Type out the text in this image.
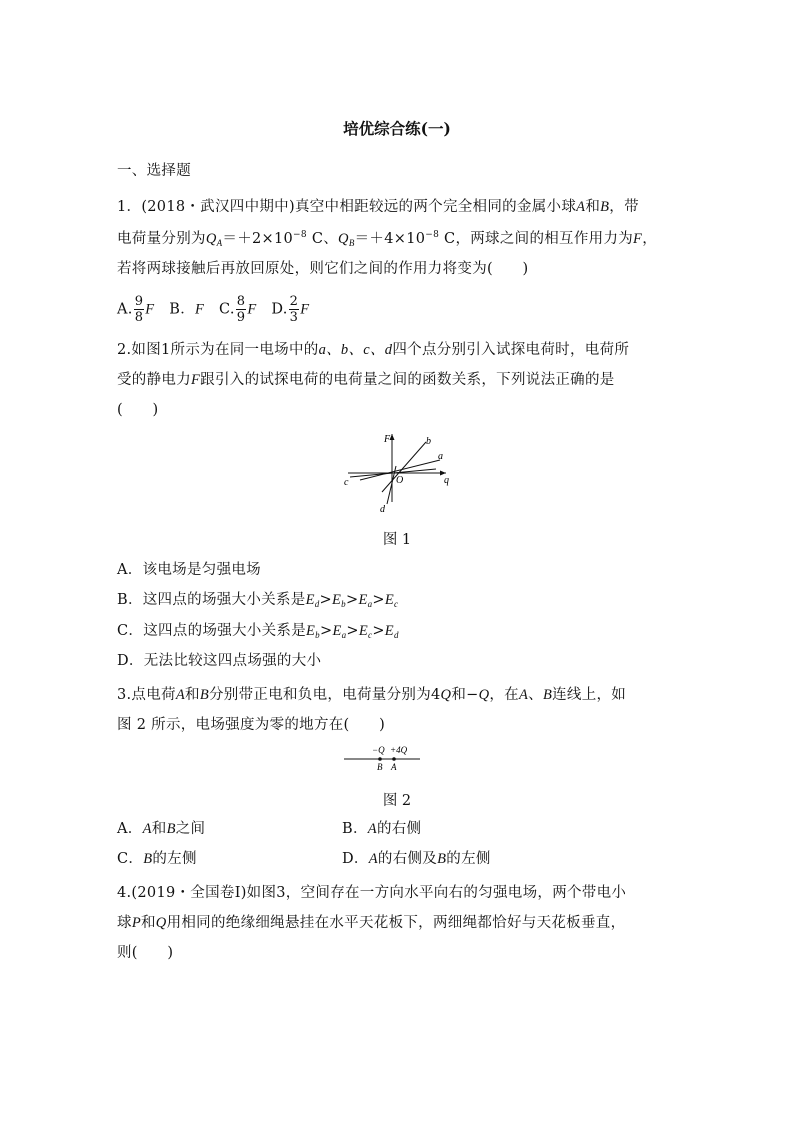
培优综合练(一)
一、选择题
1．(2018・武汉四中期中)真空中相距较远的两个完全相同的金属小球A和B，带
电荷量分别为$Q_A=+2\times 10^{-8}$ C、$Q_B=+4\times 10^{-8}$ C，两球之间的相互作用力为F，
若将两球接触后再放回原处，则它们之间的作用力将变为(　　)
A. $\frac{9}{8}$ F　B．F　C. $\frac{8}{9}$ F　D. $\frac{2}{3}$ F
2.如图1所示为在同一电场中的a、b、c、d四个点分别引入试探电荷时，电荷所
受的静电力F跟引入的试探电荷的电荷量之间的函数关系，下列说法正确的是
(　　)
F
q
O
b
a
c
d
图 1
A．该电场是匀强电场
B．这四点的场强大小关系是$E_d>E_b>E_a>E_c$
C．这四点的场强大小关系是$E_b>E_a>E_c>E_d$
D．无法比较这四点场强的大小
3.点电荷A和B分别带正电和负电，电荷量分别为4Q和−Q，在A、B连线上，如
图 2 所示，电场强度为零的地方在(　　)
−Q +4Q
B A
图 2
A．A和B之间	B．A的右侧
C．B的左侧	D．A的右侧及B的左侧
4.(2019・全国卷Ⅰ)如图3，空间存在一方向水平向右的匀强电场，两个带电小
球P和Q用相同的绝缘细绳悬挂在水平天花板下，两细绳都恰好与天花板垂直，
则(　　)
